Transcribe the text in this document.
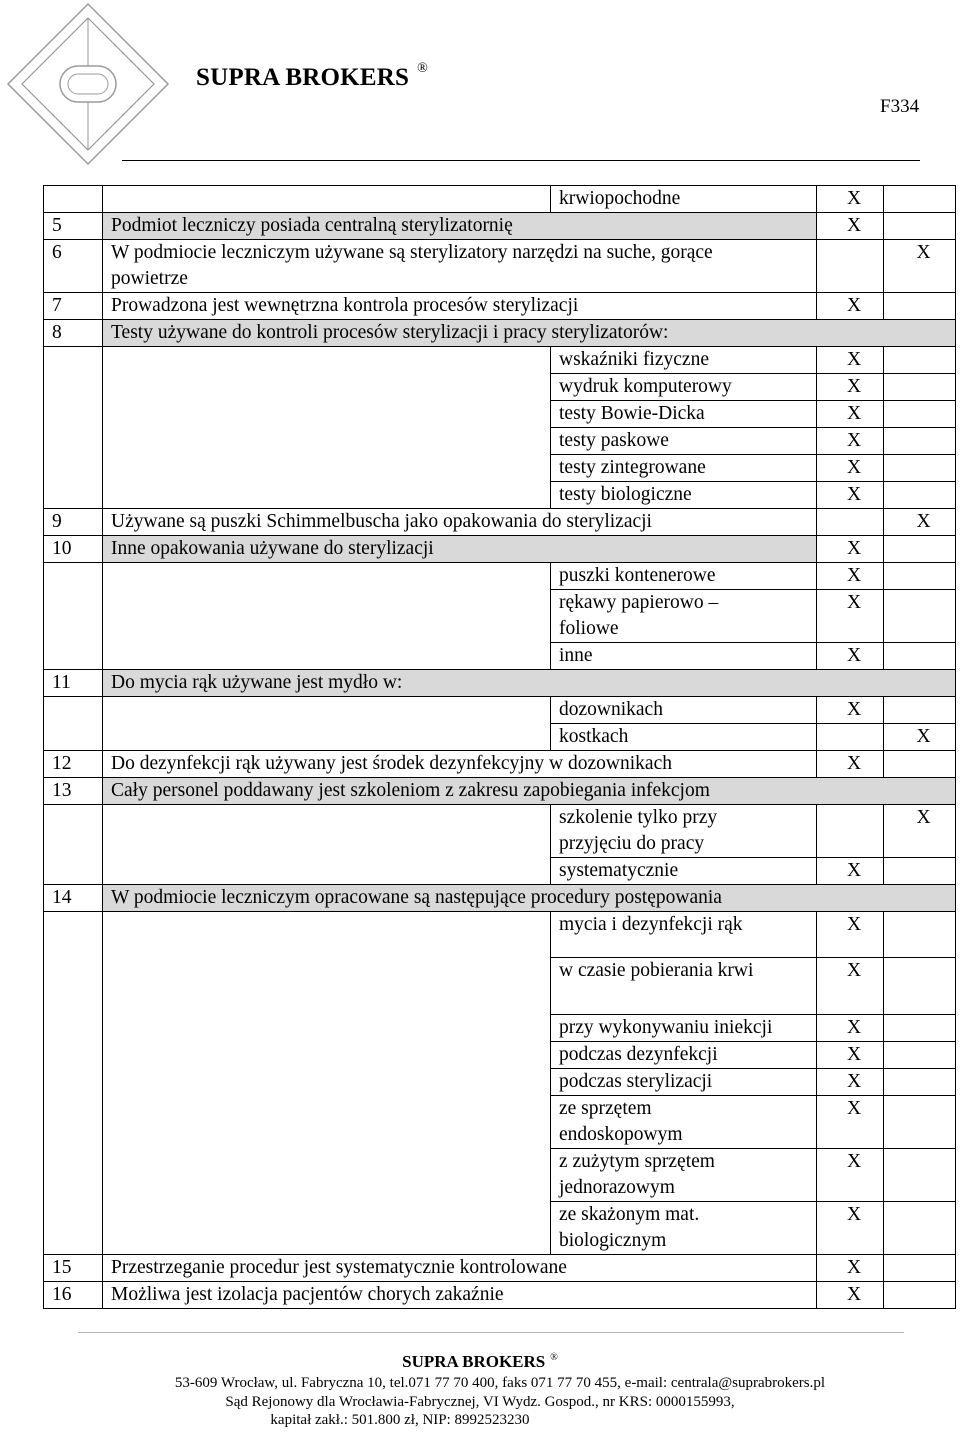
SUPRA BROKERS ®
F334
		krwiopochodne	X	
5	Podmiot leczniczy posiada centralną sterylizatornię		X	
6	W podmiocie leczniczym używane są sterylizatory narzędzi na suche, gorące powietrze			X
7	Prowadzona jest wewnętrzna kontrola procesów sterylizacji		X	
8	Testy używane do kontroli procesów sterylizacji i pracy sterylizatorów:			
		wskaźniki fizyczne	X	
		wydruk komputerowy	X	
		testy Bowie-Dicka	X	
		testy paskowe	X	
		testy zintegrowane	X	
		testy biologiczne	X	
9	Używane są puszki Schimmelbuscha jako opakowania do sterylizacji			X
10	Inne opakowania używane do sterylizacji		X	
		puszki kontenerowe	X	
		rękawy papierowo – foliowe	X	
		inne	X	
11	Do mycia rąk używane jest mydło w:			
		dozownikach	X	
		kostkach		X
12	Do dezynfekcji rąk używany jest środek dezynfekcyjny w dozownikach		X	
13	Cały personel poddawany jest szkoleniom z zakresu zapobiegania infekcjom			
		szkolenie tylko przy przyjęciu do pracy		X
		systematycznie	X	
14	W podmiocie leczniczym opracowane są następujące procedury postępowania			
		mycia i dezynfekcji rąk	X	
		w czasie pobierania krwi	X	
		przy wykonywaniu iniekcji	X	
		podczas dezynfekcji	X	
		podczas sterylizacji	X	
		ze sprzętem endoskopowym	X	
		z zużytym sprzętem jednorazowym	X	
		ze skażonym mat. biologicznym	X	
15	Przestrzeganie procedur jest systematycznie kontrolowane		X	
16	Możliwa jest izolacja pacjentów chorych zakaźnie		X	
SUPRA BROKERS ®
53-609 Wrocław, ul. Fabryczna 10, tel.071 77 70 400, faks 071 77 70 455, e-mail: centrala@suprabrokers.pl
Sąd Rejonowy dla Wrocławia-Fabrycznej, VI Wydz. Gospod., nr KRS: 0000155993,
kapitał zakł.: 501.800 zł, NIP: 8992523230
